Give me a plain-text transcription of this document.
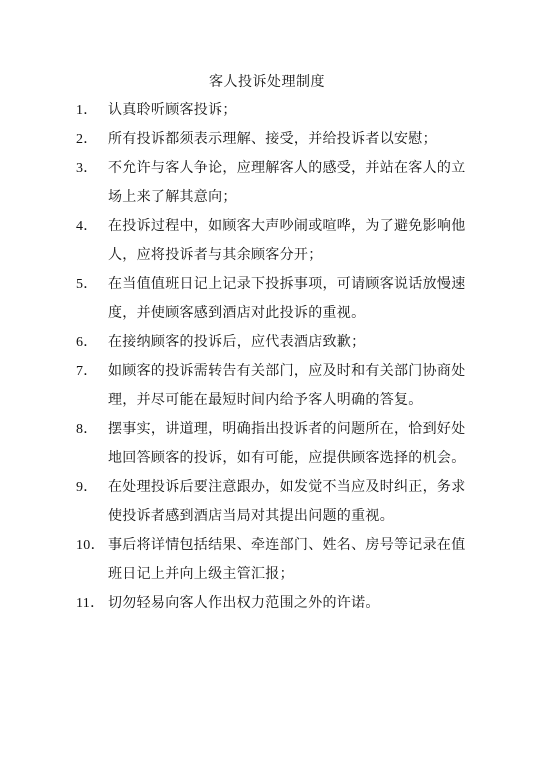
客人投诉处理制度
1． 认真聆听顾客投诉；
2． 所有投诉都须表示理解、接受，并给投诉者以安慰；
3． 不允许与客人争论，应理解客人的感受，并站在客人的立场上来了解其意向；
4． 在投诉过程中，如顾客大声吵闹或喧哗，为了避免影响他人，应将投诉者与其余顾客分开；
5． 在当值值班日记上记录下投拆事项，可请顾客说话放慢速度，并使顾客感到酒店对此投诉的重视。
6． 在接纳顾客的投诉后，应代表酒店致歉；
7． 如顾客的投诉需转告有关部门，应及时和有关部门协商处理，并尽可能在最短时间内给予客人明确的答复。
8． 摆事实，讲道理，明确指出投诉者的问题所在，恰到好处地回答顾客的投诉，如有可能，应提供顾客选择的机会。
9． 在处理投诉后要注意跟办，如发觉不当应及时纠正，务求使投诉者感到酒店当局对其提出问题的重视。
10． 事后将详情包括结果、牵连部门、姓名、房号等记录在值班日记上并向上级主管汇报；
11． 切勿轻易向客人作出权力范围之外的许诺。
